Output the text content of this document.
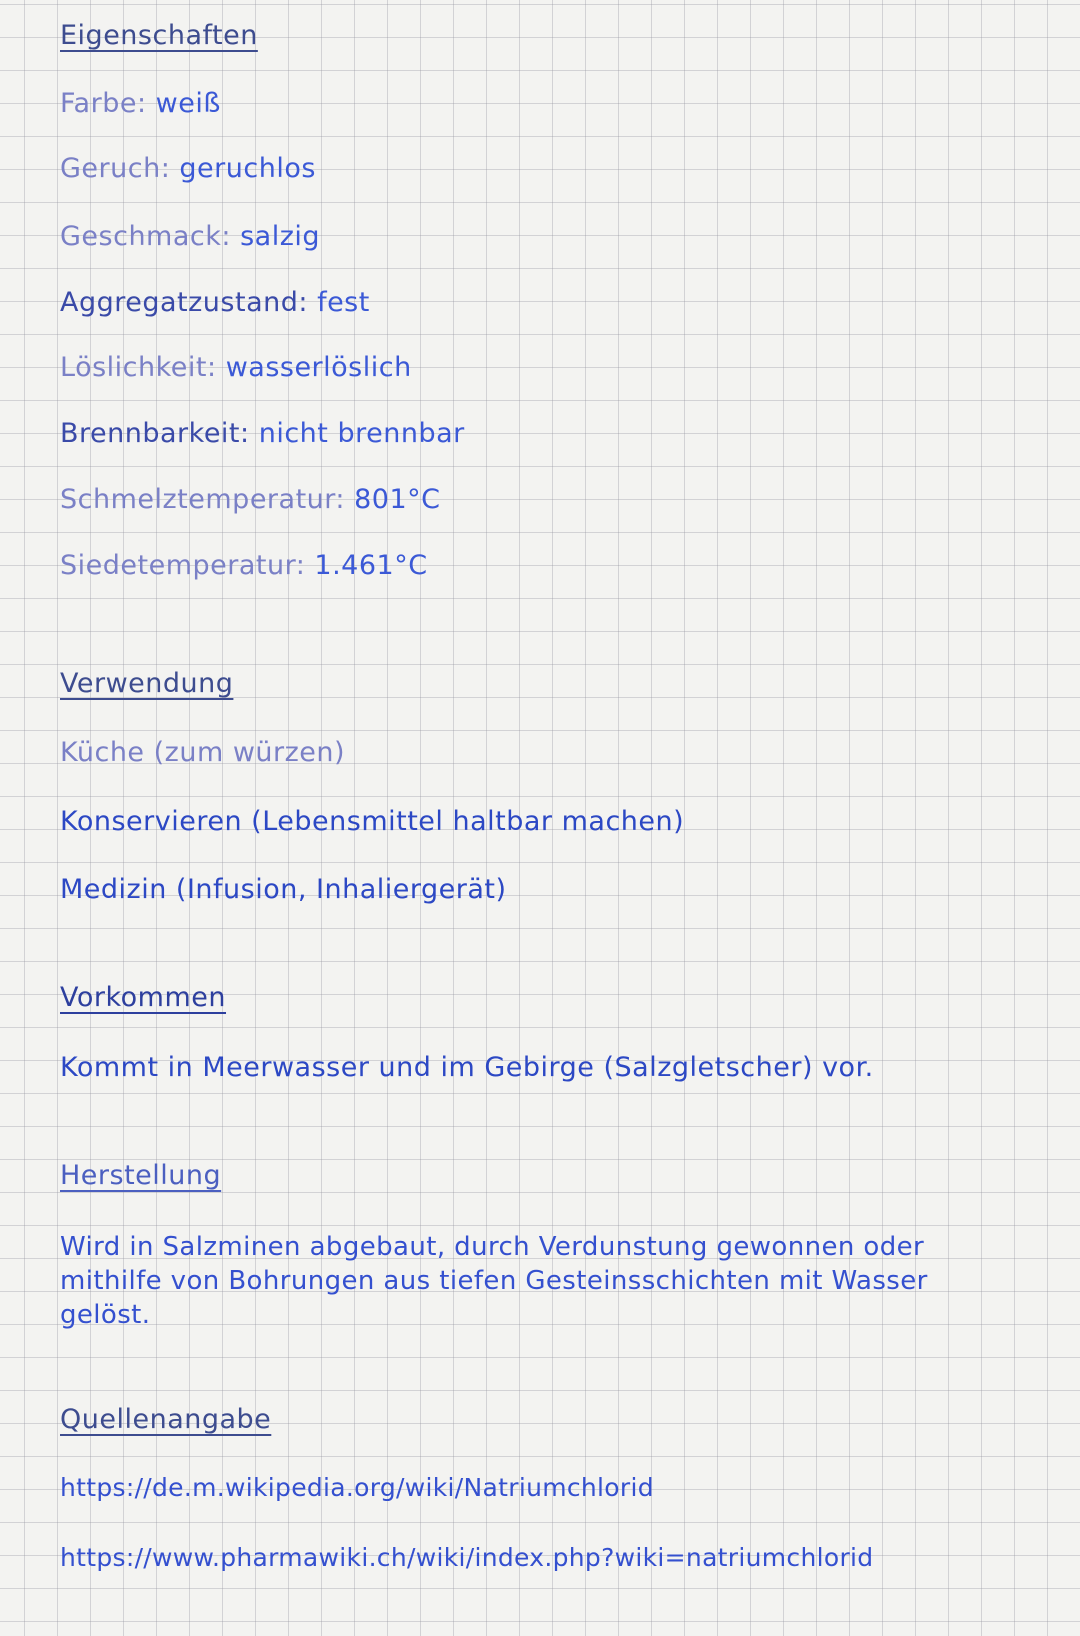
Eigenschaften
Farbe: weiß
Geruch: geruchlos
Geschmack: salzig
Aggregatzustand: fest
Löslichkeit: wasserlöslich
Brennbarkeit: nicht brennbar
Schmelztemperatur: 801°C
Siedetemperatur: 1.461°C
Verwendung
Küche (zum würzen)
Konservieren (Lebensmittel haltbar machen)
Medizin (Infusion, Inhaliergerät)
Vorkommen
Kommt in Meerwasser und im Gebirge (Salzgletscher) vor.
Herstellung
Wird in Salzminen abgebaut, durch Verdunstung gewonnen oder mithilfe von Bohrungen aus tiefen Gesteinsschichten mit Wasser gelöst.
Quellenangabe
https://de.m.wikipedia.org/wiki/Natriumchlorid
https://www.pharmawiki.ch/wiki/index.php?wiki=natriumchlorid
